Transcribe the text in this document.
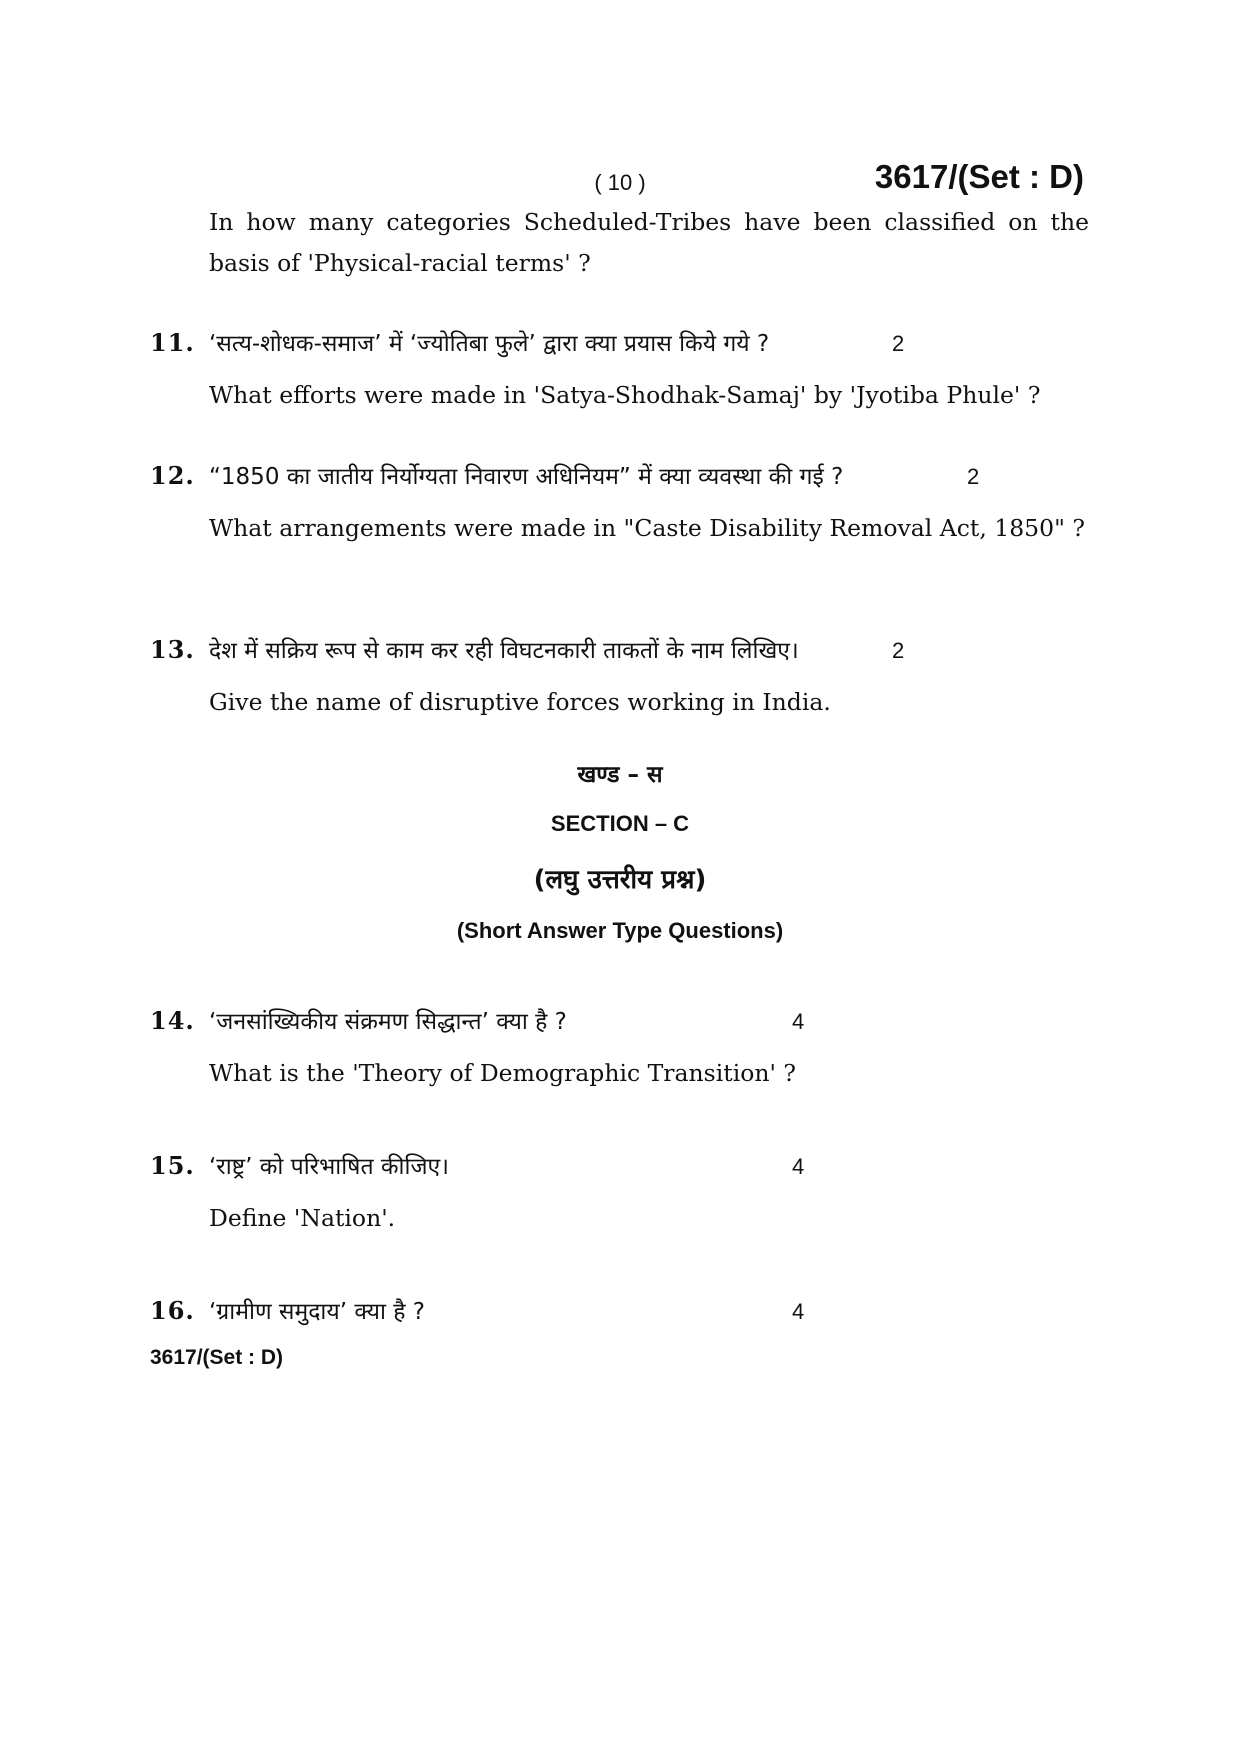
( 10 )	3617/(Set : D)
In how many categories Scheduled-Tribes have been classified on the basis of 'Physical-racial terms' ?
11. ‘सत्य-शोधक-समाज’ में ‘ज्योतिबा फुले’ द्वारा क्या प्रयास किये गये ?	2
What efforts were made in 'Satya-Shodhak-Samaj' by 'Jyotiba Phule' ?
12. “1850 का जातीय निर्योग्यता निवारण अधिनियम” में क्या व्यवस्था की गई ?	2
What arrangements were made in "Caste Disability Removal Act, 1850" ?
13. देश में सक्रिय रूप से काम कर रही विघटनकारी ताकतों के नाम लिखिए।	2
Give the name of disruptive forces working in India.
खण्ड – स
SECTION – C
(लघु उत्तरीय प्रश्न)
(Short Answer Type Questions)
14. ‘जनसांख्यिकीय संक्रमण सिद्धान्त’ क्या है ?	4
What is the 'Theory of Demographic Transition' ?
15. ‘राष्ट्र’ को परिभाषित कीजिए।	4
Define 'Nation'.
16. ‘ग्रामीण समुदाय’ क्या है ?	4
3617/(Set : D)
